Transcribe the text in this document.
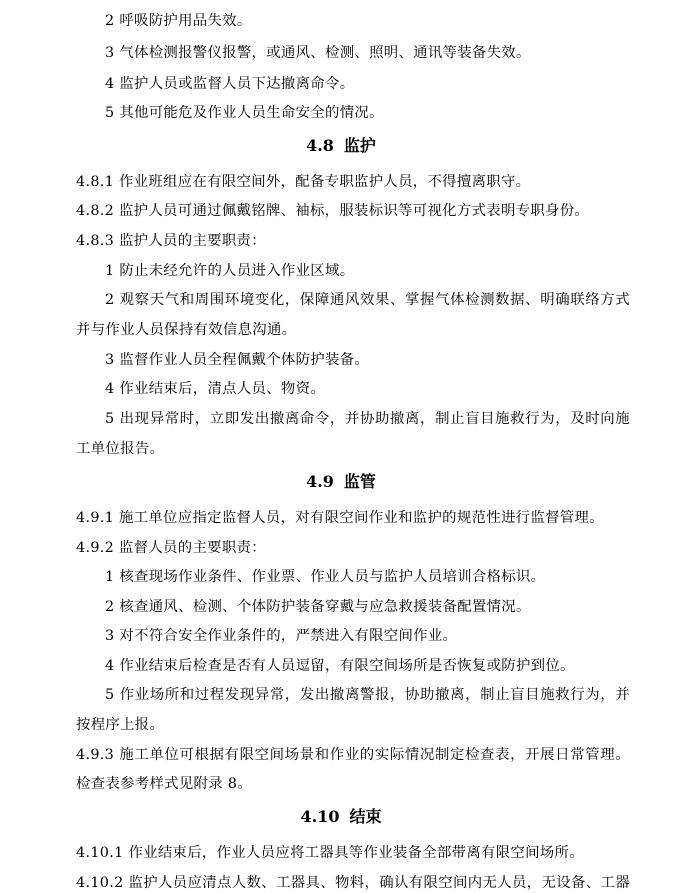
2 呼吸防护用品失效。
3 气体检测报警仪报警，或通风、检测、照明、通讯等装备失效。
4 监护人员或监督人员下达撤离命令。
5 其他可能危及作业人员生命安全的情况。
4.8 监护
4.8.1 作业班组应在有限空间外，配备专职监护人员，不得擅离职守。
4.8.2 监护人员可通过佩戴铭牌、袖标，服装标识等可视化方式表明专职身份。
4.8.3 监护人员的主要职责：
1 防止未经允许的人员进入作业区域。
2 观察天气和周围环境变化，保障通风效果、掌握气体检测数据、明确联络方式
并与作业人员保持有效信息沟通。
3 监督作业人员全程佩戴个体防护装备。
4 作业结束后，清点人员、物资。
5 出现异常时，立即发出撤离命令，并协助撤离，制止盲目施救行为，及时向施
工单位报告。
4.9 监管
4.9.1 施工单位应指定监督人员，对有限空间作业和监护的规范性进行监督管理。
4.9.2 监督人员的主要职责：
1 核查现场作业条件、作业票、作业人员与监护人员培训合格标识。
2 核查通风、检测、个体防护装备穿戴与应急救援装备配置情况。
3 对不符合安全作业条件的，严禁进入有限空间作业。
4 作业结束后检查是否有人员逗留，有限空间场所是否恢复或防护到位。
5 作业场所和过程发现异常，发出撤离警报，协助撤离，制止盲目施救行为，并
按程序上报。
4.9.3 施工单位可根据有限空间场景和作业的实际情况制定检查表，开展日常管理。
检查表参考样式见附录 8。
4.10 结束
4.10.1 作业结束后，作业人员应将工器具等作业装备全部带离有限空间场所。
4.10.2 监护人员应清点人数、工器具、物料，确认有限空间内无人员，无设备、工器
